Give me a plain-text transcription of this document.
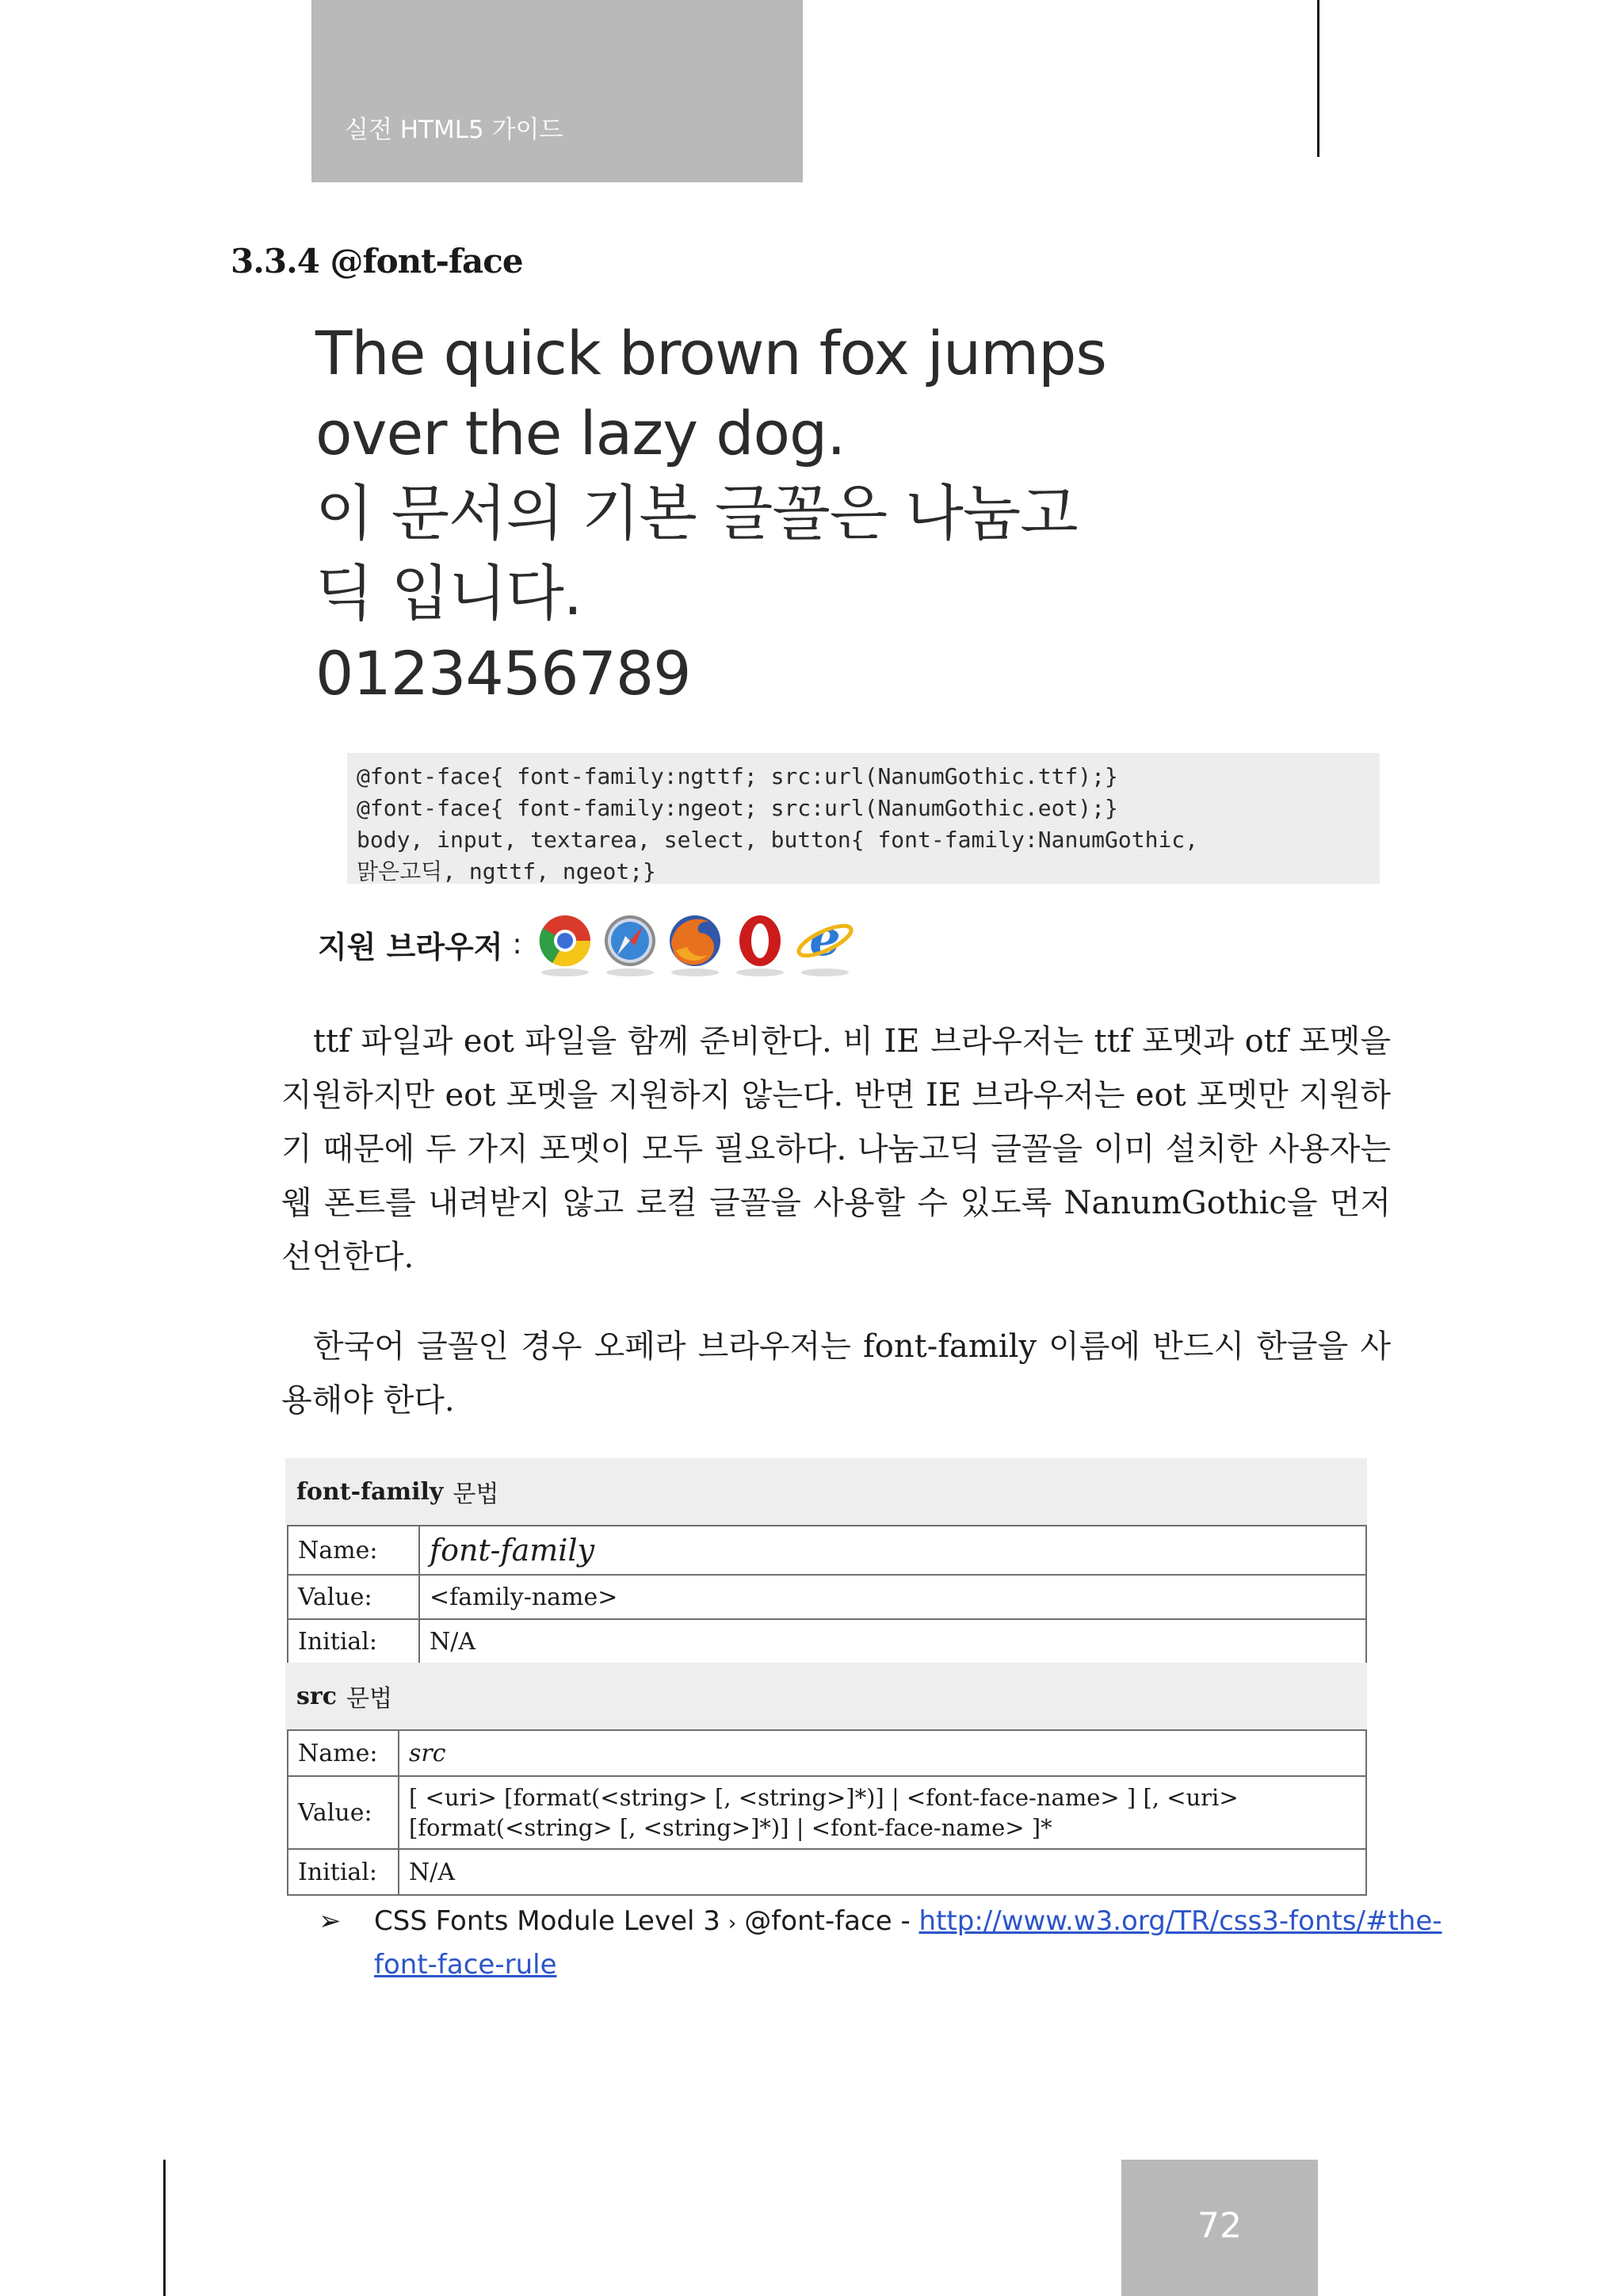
실전 HTML5 가이드
3.3.4 @font-face
The quick brown fox jumps
over the lazy dog.
이 문서의 기본 글꼴은 나눔고
딕 입니다.
0123456789
@font-face{ font-family:ngttf; src:url(NanumGothic.ttf);}
@font-face{ font-family:ngeot; src:url(NanumGothic.eot);}
body, input, textarea, select, button{ font-family:NanumGothic,
맑은고딕, ngttf, ngeot;}
지원 브라우저 :	e

ttf 파일과 eot 파일을 함께 준비한다. 비 IE 브라우저는 ttf 포멧과 otf 포멧을 지원하지만 eot 포멧을 지원하지 않는다. 반면 IE 브라우저는 eot 포멧만 지원하기 때문에 두 가지 포멧이 모두 필요하다. 나눔고딕 글꼴을 이미 설치한 사용자는 웹 폰트를 내려받지 않고 로컬 글꼴을 사용할 수 있도록 NanumGothic을 먼저 선언한다.

한국어 글꼴인 경우 오페라 브라우저는 font-family 이름에 반드시 한글을 사용해야 한다.

font-family 문법
Name:	font-family
Value:	<family-name>
Initial:	N/A
src 문법
Name:	src
Value:	[ <uri> [format(<string> [, <string>]*)] | <font-face-name> ] [, <uri> [format(<string> [, <string>]*)] | <font-face-name> ]*
Initial:	N/A
➢ CSS Fonts Module Level 3 › @font-face - http://www.w3.org/TR/css3-fonts/#the-font-face-rule
72
